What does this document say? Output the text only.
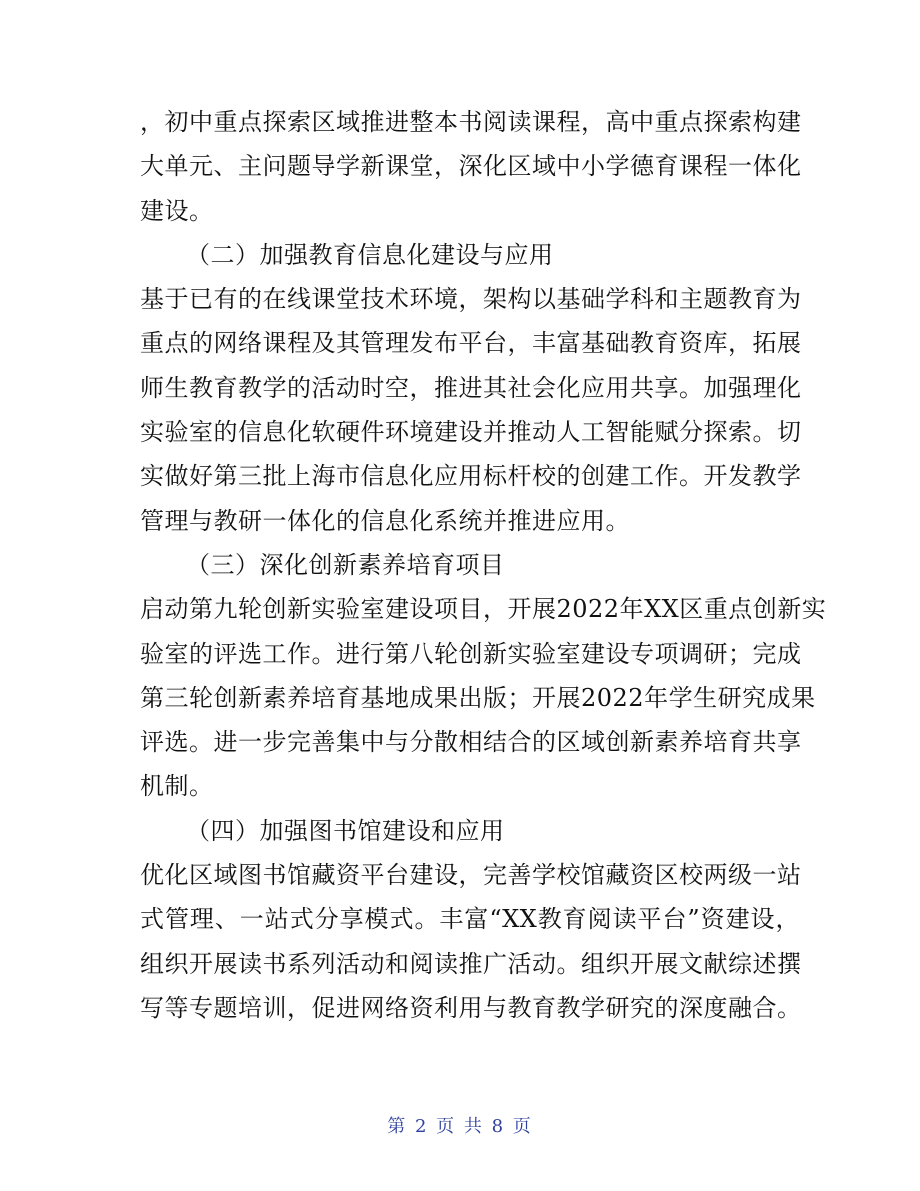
，初中重点探索区域推进整本书阅读课程，高中重点探索构建
大单元、主问题导学新课堂，深化区域中小学德育课程一体化
建设。
（二）加强教育信息化建设与应用
基于已有的在线课堂技术环境，架构以基础学科和主题教育为
重点的网络课程及其管理发布平台，丰富基础教育资库，拓展
师生教育教学的活动时空，推进其社会化应用共享。加强理化
实验室的信息化软硬件环境建设并推动人工智能赋分探索。切
实做好第三批上海市信息化应用标杆校的创建工作。开发教学
管理与教研一体化的信息化系统并推进应用。
（三）深化创新素养培育项目
启动第九轮创新实验室建设项目，开展2022年XX区重点创新实
验室的评选工作。进行第八轮创新实验室建设专项调研；完成
第三轮创新素养培育基地成果出版；开展2022年学生研究成果
评选。进一步完善集中与分散相结合的区域创新素养培育共享
机制。
（四）加强图书馆建设和应用
优化区域图书馆藏资平台建设，完善学校馆藏资区校两级一站
式管理、一站式分享模式。丰富“XX教育阅读平台”资建设，
组织开展读书系列活动和阅读推广活动。组织开展文献综述撰
写等专题培训，促进网络资利用与教育教学研究的深度融合。
第 2 页 共 8 页
